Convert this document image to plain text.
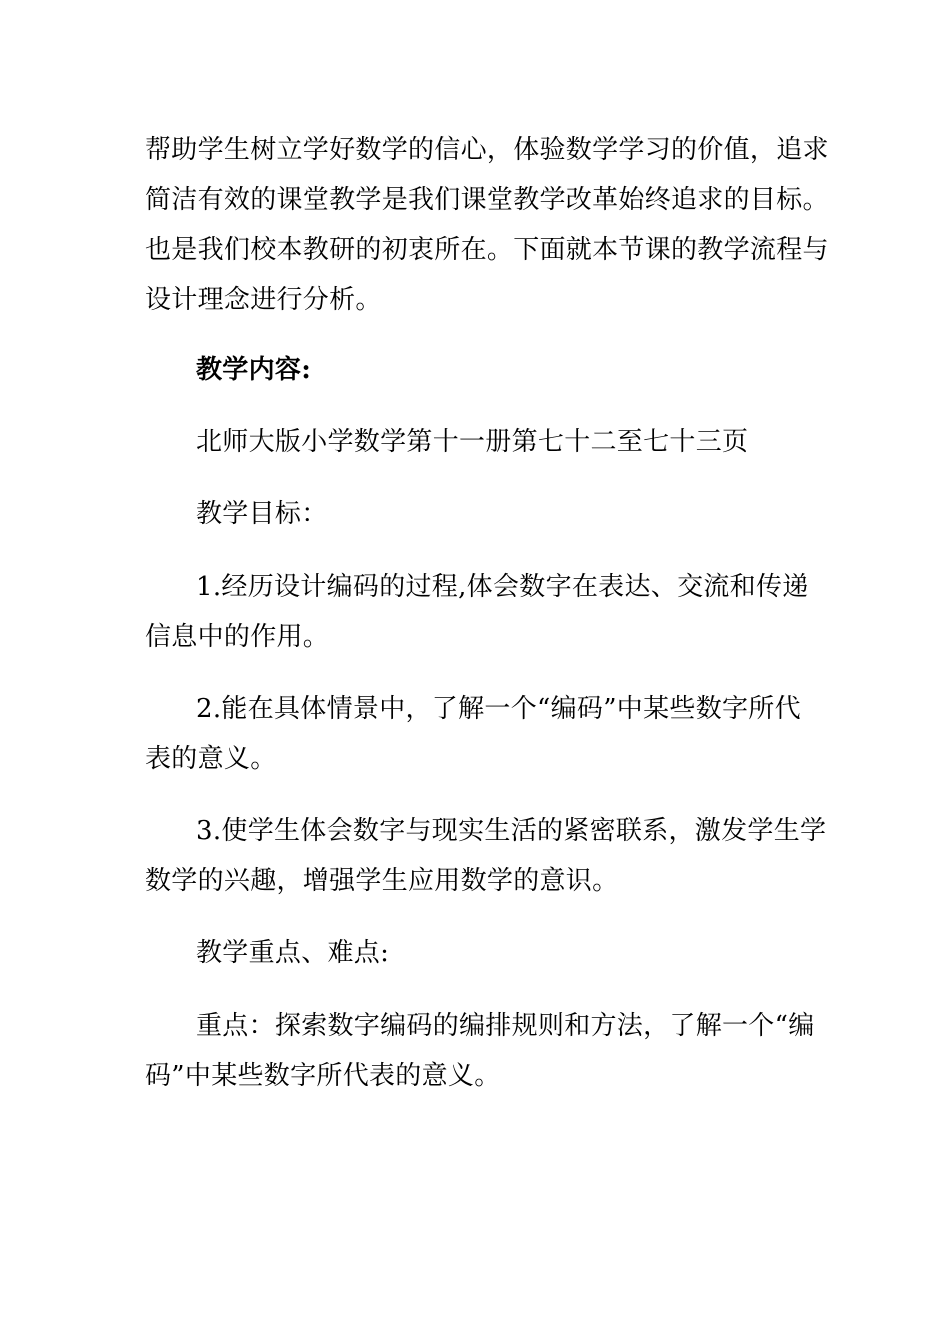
帮助学生树立学好数学的信心，体验数学学习的价值，追求
简洁有效的课堂教学是我们课堂教学改革始终追求的目标。
也是我们校本教研的初衷所在。下面就本节课的教学流程与
设计理念进行分析。
教学内容:
北师大版小学数学第十一册第七十二至七十三页
教学目标：
1.经历设计编码的过程,体会数字在表达、交流和传递
信息中的作用。
2.能在具体情景中，了解一个“编码”中某些数字所代
表的意义。
3.使学生体会数字与现实生活的紧密联系，激发学生学
数学的兴趣，增强学生应用数学的意识。
教学重点、难点:
重点：探索数字编码的编排规则和方法，了解一个“编
码”中某些数字所代表的意义。
